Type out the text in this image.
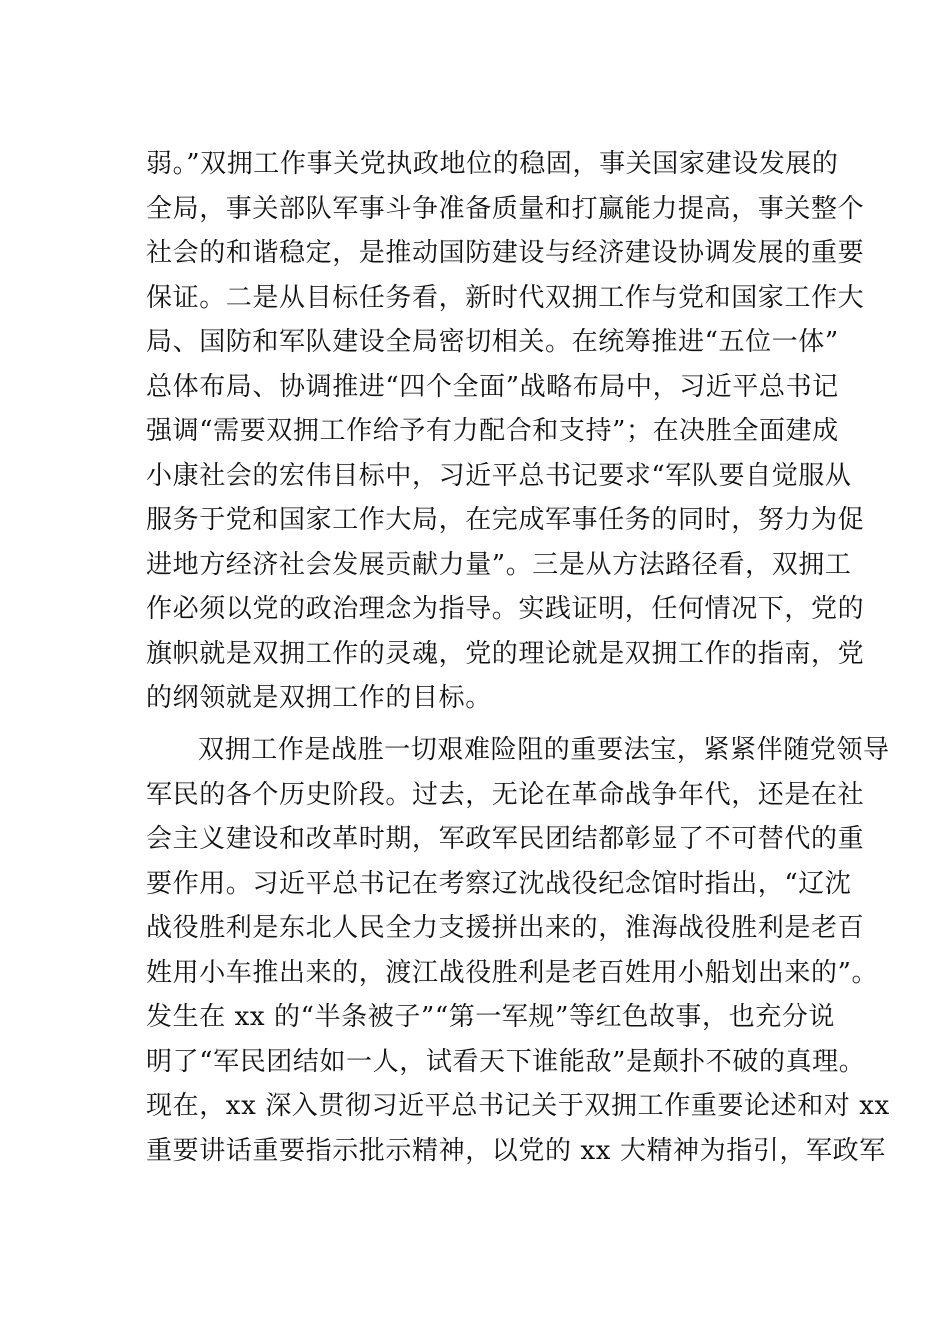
弱。”双拥工作事关党执政地位的稳固，事关国家建设发展的
全局，事关部队军事斗争准备质量和打赢能力提高，事关整个
社会的和谐稳定，是推动国防建设与经济建设协调发展的重要
保证。二是从目标任务看，新时代双拥工作与党和国家工作大
局、国防和军队建设全局密切相关。在统筹推进“五位一体”
总体布局、协调推进“四个全面”战略布局中，习近平总书记
强调“需要双拥工作给予有力配合和支持”；在决胜全面建成
小康社会的宏伟目标中，习近平总书记要求“军队要自觉服从
服务于党和国家工作大局，在完成军事任务的同时，努力为促
进地方经济社会发展贡献力量”。三是从方法路径看，双拥工
作必须以党的政治理念为指导。实践证明，任何情况下，党的
旗帜就是双拥工作的灵魂，党的理论就是双拥工作的指南，党
的纲领就是双拥工作的目标。
双拥工作是战胜一切艰难险阻的重要法宝，紧紧伴随党领导
军民的各个历史阶段。过去，无论在革命战争年代，还是在社
会主义建设和改革时期，军政军民团结都彰显了不可替代的重
要作用。习近平总书记在考察辽沈战役纪念馆时指出，“辽沈
战役胜利是东北人民全力支援拼出来的，淮海战役胜利是老百
姓用小车推出来的，渡江战役胜利是老百姓用小船划出来的”。
发生在 xx 的“半条被子”“第一军规”等红色故事，也充分说
明了“军民团结如一人，试看天下谁能敌”是颠扑不破的真理。
现在，xx 深入贯彻习近平总书记关于双拥工作重要论述和对 xx
重要讲话重要指示批示精神，以党的 xx 大精神为指引，军政军
